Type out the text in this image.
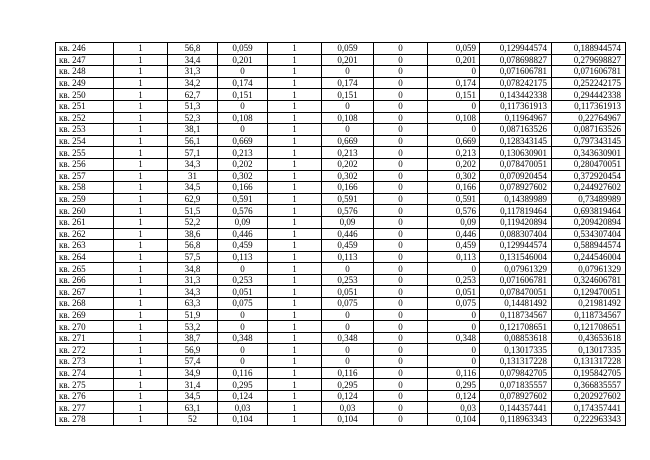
кв. 246	1	56,8	0,059	1	0,059	0	0,059	0,129944574	0,188944574
кв. 247	1	34,4	0,201	1	0,201	0	0,201	0,078698827	0,279698827
кв. 248	1	31,3	0	1	0	0	0	0,071606781	0,071606781
кв. 249	1	34,2	0,174	1	0,174	0	0,174	0,078242175	0,252242175
кв. 250	1	62,7	0,151	1	0,151	0	0,151	0,143442338	0,294442338
кв. 251	1	51,3	0	1	0	0	0	0,117361913	0,117361913
кв. 252	1	52,3	0,108	1	0,108	0	0,108	0,11964967	0,22764967
кв. 253	1	38,1	0	1	0	0	0	0,087163526	0,087163526
кв. 254	1	56,1	0,669	1	0,669	0	0,669	0,128343145	0,797343145
кв. 255	1	57,1	0,213	1	0,213	0	0,213	0,130630901	0,343630901
кв. 256	1	34,3	0,202	1	0,202	0	0,202	0,078470051	0,280470051
кв. 257	1	31	0,302	1	0,302	0	0,302	0,070920454	0,372920454
кв. 258	1	34,5	0,166	1	0,166	0	0,166	0,078927602	0,244927602
кв. 259	1	62,9	0,591	1	0,591	0	0,591	0,14389989	0,73489989
кв. 260	1	51,5	0,576	1	0,576	0	0,576	0,117819464	0,693819464
кв. 261	1	52,2	0,09	1	0,09	0	0,09	0,119420894	0,209420894
кв. 262	1	38,6	0,446	1	0,446	0	0,446	0,088307404	0,534307404
кв. 263	1	56,8	0,459	1	0,459	0	0,459	0,129944574	0,588944574
кв. 264	1	57,5	0,113	1	0,113	0	0,113	0,131546004	0,244546004
кв. 265	1	34,8	0	1	0	0	0	0,07961329	0,07961329
кв. 266	1	31,3	0,253	1	0,253	0	0,253	0,071606781	0,324606781
кв. 267	1	34,3	0,051	1	0,051	0	0,051	0,078470051	0,129470051
кв. 268	1	63,3	0,075	1	0,075	0	0,075	0,14481492	0,21981492
кв. 269	1	51,9	0	1	0	0	0	0,118734567	0,118734567
кв. 270	1	53,2	0	1	0	0	0	0,121708651	0,121708651
кв. 271	1	38,7	0,348	1	0,348	0	0,348	0,08853618	0,43653618
кв. 272	1	56,9	0	1	0	0	0	0,13017335	0,13017335
кв. 273	1	57,4	0	1	0	0	0	0,131317228	0,131317228
кв. 274	1	34,9	0,116	1	0,116	0	0,116	0,079842705	0,195842705
кв. 275	1	31,4	0,295	1	0,295	0	0,295	0,071835557	0,366835557
кв. 276	1	34,5	0,124	1	0,124	0	0,124	0,078927602	0,202927602
кв. 277	1	63,1	0,03	1	0,03	0	0,03	0,144357441	0,174357441
кв. 278	1	52	0,104	1	0,104	0	0,104	0,118963343	0,222963343
